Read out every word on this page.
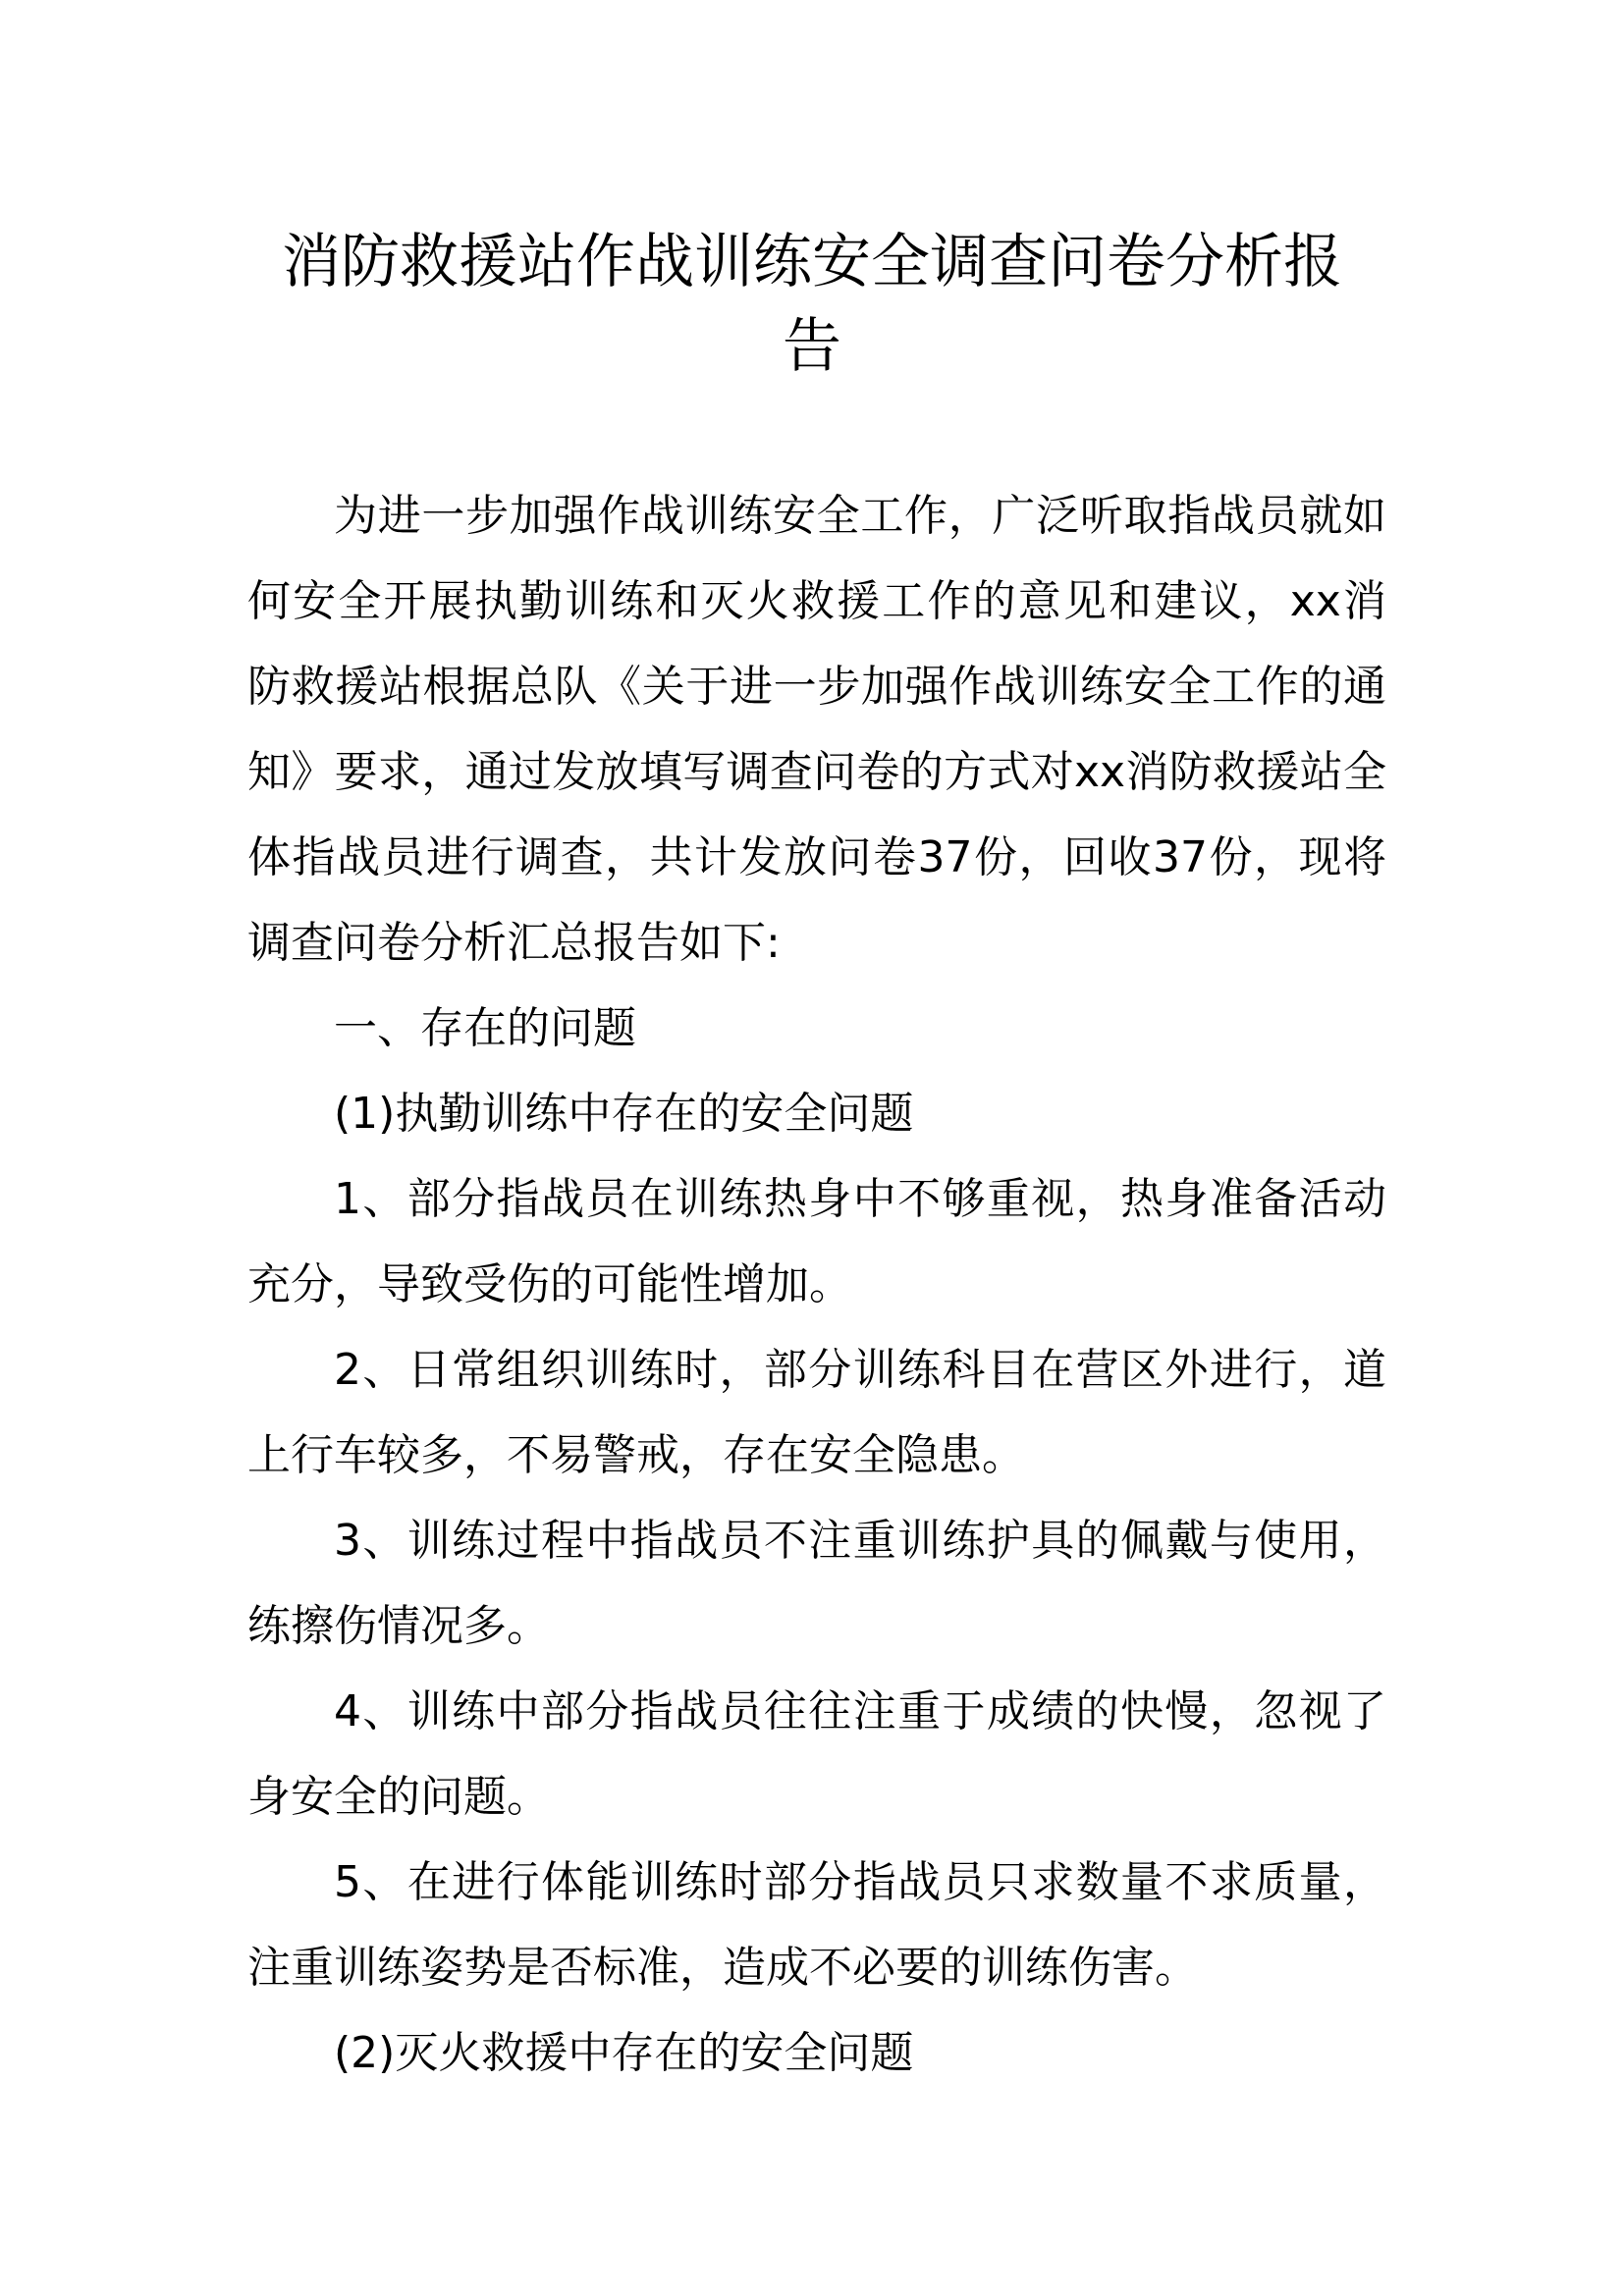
消防救援站作战训练安全调查问卷分析报
告
为进一步加强作战训练安全工作，广泛听取指战员就如
何安全开展执勤训练和灭火救援工作的意见和建议，xx消
防救援站根据总队《关于进一步加强作战训练安全工作的通
知》要求，通过发放填写调查问卷的方式对xx消防救援站全
体指战员进行调查，共计发放问卷37份，回收37份，现将
调查问卷分析汇总报告如下:
一、存在的问题
(1)执勤训练中存在的安全问题
1、部分指战员在训练热身中不够重视，热身准备活动
充分，导致受伤的可能性增加。
2、日常组织训练时，部分训练科目在营区外进行，道
上行车较多，不易警戒，存在安全隐患。
3、训练过程中指战员不注重训练护具的佩戴与使用，
练擦伤情况多。
4、训练中部分指战员往往注重于成绩的快慢，忽视了
身安全的问题。
5、在进行体能训练时部分指战员只求数量不求质量，
注重训练姿势是否标准，造成不必要的训练伤害。
(2)灭火救援中存在的安全问题
